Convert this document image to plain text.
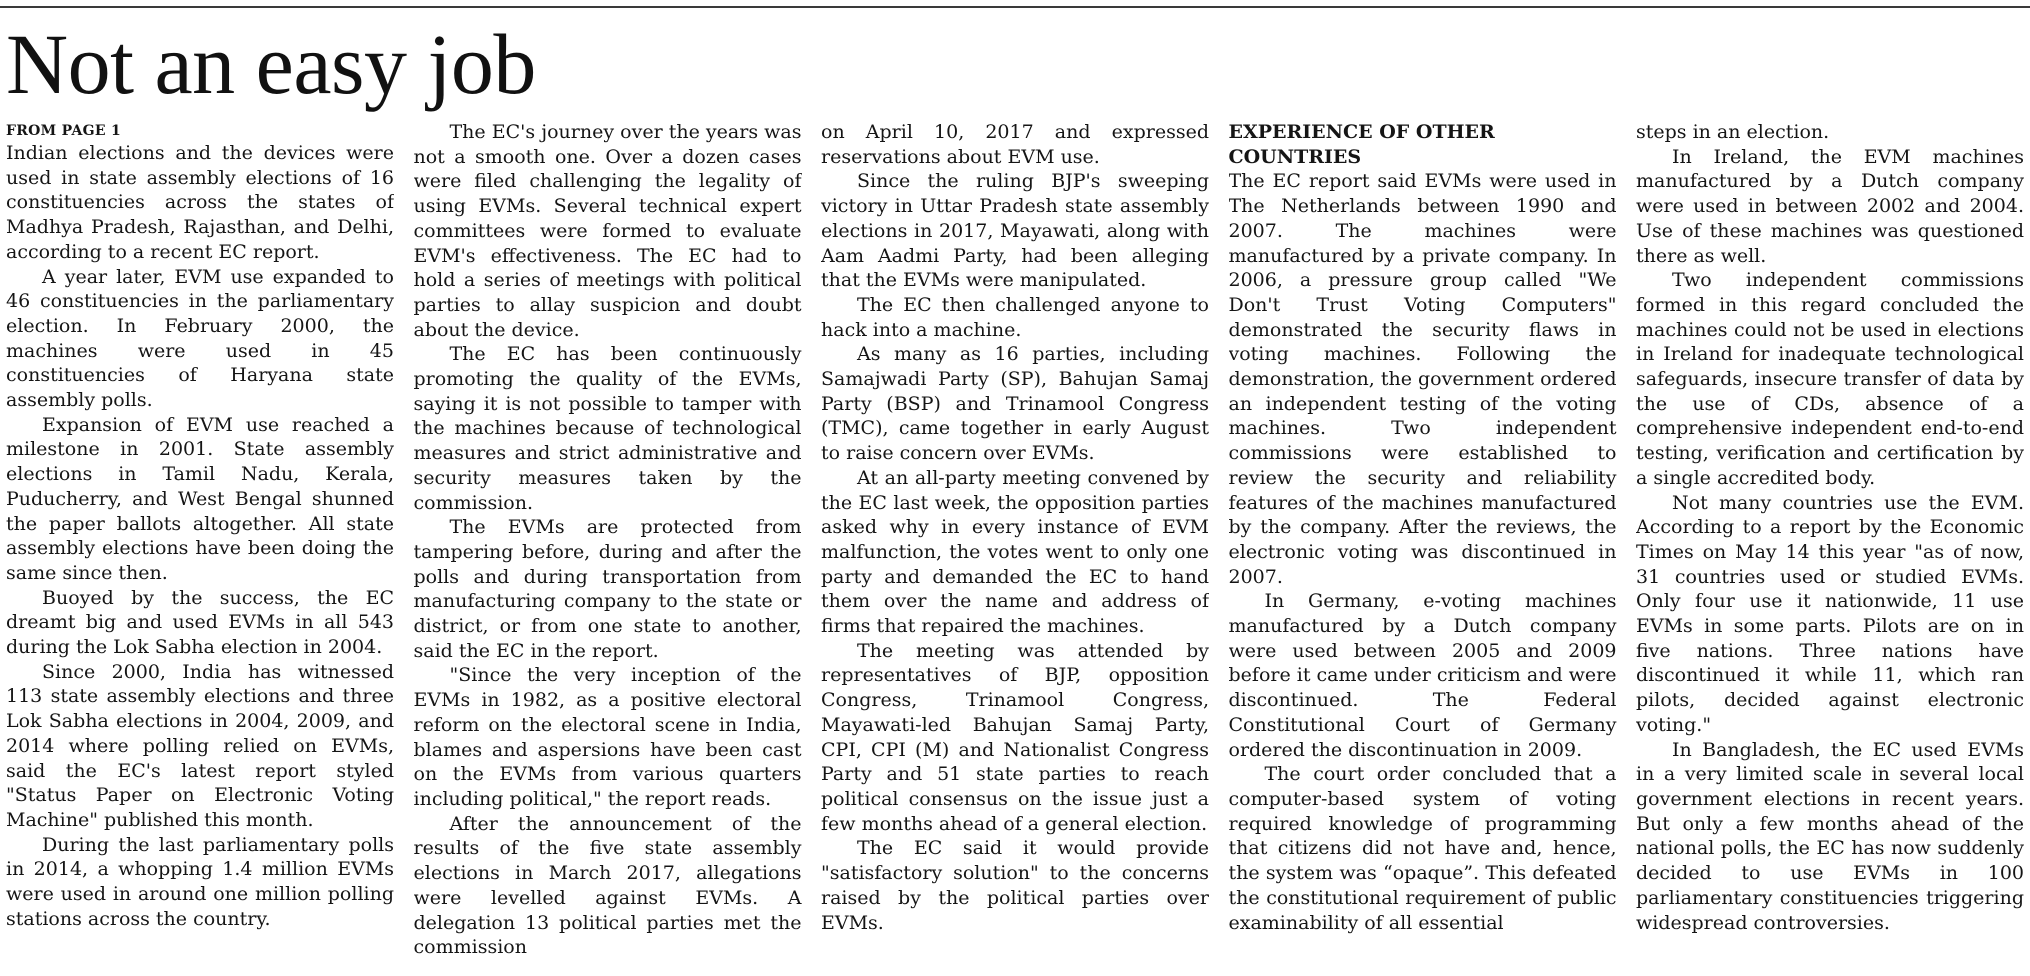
Not an easy job
FROM PAGE 1

Indian elections and the devices were used in state assembly elections of 16 constituencies across the states of Madhya Pradesh, Rajasthan, and Delhi, according to a recent EC report.

A year later, EVM use expanded to 46 constituencies in the parliamentary election. In February 2000, the machines were used in 45 constituencies of Haryana state assembly polls.

Expansion of EVM use reached a milestone in 2001. State assembly elections in Tamil Nadu, Kerala, Puducherry, and West Bengal shunned the paper ballots altogether. All state assembly elections have been doing the same since then.

Buoyed by the success, the EC dreamt big and used EVMs in all 543 during the Lok Sabha election in 2004.

Since 2000, India has witnessed 113 state assembly elections and three Lok Sabha elections in 2004, 2009, and 2014 where polling relied on EVMs, said the EC's latest report styled "Status Paper on Electronic Voting Machine" published this month.

During the last parliamentary polls in 2014, a whopping 1.4 million EVMs were used in around one million polling stations across the country.

The EC's journey over the years was not a smooth one. Over a dozen cases were filed challenging the legality of using EVMs. Several technical expert committees were formed to evaluate EVM's effectiveness. The EC had to hold a series of meetings with political parties to allay suspicion and doubt about the device.

The EC has been continuously promoting the quality of the EVMs, saying it is not possible to tamper with the machines because of technological measures and strict administrative and security measures taken by the commission.

The EVMs are protected from tampering before, during and after the polls and during transportation from manufacturing company to the state or district, or from one state to another, said the EC in the report.

"Since the very inception of the EVMs in 1982, as a positive electoral reform on the electoral scene in India, blames and aspersions have been cast on the EVMs from various quarters including political," the report reads.

After the announcement of the results of the five state assembly elections in March 2017, allegations were levelled against EVMs. A delegation 13 political parties met the commission

on April 10, 2017 and expressed reservations about EVM use.

Since the ruling BJP's sweeping victory in Uttar Pradesh state assembly elections in 2017, Mayawati, along with Aam Aadmi Party, had been alleging that the EVMs were manipulated.

The EC then challenged anyone to hack into a machine.

As many as 16 parties, including Samajwadi Party (SP), Bahujan Samaj Party (BSP) and Trinamool Congress (TMC), came together in early August to raise concern over EVMs.

At an all-party meeting convened by the EC last week, the opposition parties asked why in every instance of EVM malfunction, the votes went to only one party and demanded the EC to hand them over the name and address of firms that repaired the machines.

The meeting was attended by representatives of BJP, opposition Congress, Trinamool Congress, Mayawati-led Bahujan Samaj Party, CPI, CPI (M) and Nationalist Congress Party and 51 state parties to reach political consensus on the issue just a few months ahead of a general election.

The EC said it would provide "satisfactory solution" to the concerns raised by the political parties over EVMs.

EXPERIENCE OF OTHER COUNTRIES

The EC report said EVMs were used in The Netherlands between 1990 and 2007. The machines were manufactured by a private company. In 2006, a pressure group called "We Don't Trust Voting Computers" demonstrated the security flaws in voting machines. Following the demonstration, the government ordered an independent testing of the voting machines. Two independent commissions were established to review the security and reliability features of the machines manufactured by the company. After the reviews, the electronic voting was discontinued in 2007.

In Germany, e-voting machines manufactured by a Dutch company were used between 2005 and 2009 before it came under criticism and were discontinued. The Federal Constitutional Court of Germany ordered the discontinuation in 2009.

The court order concluded that a computer-based system of voting required knowledge of programming that citizens did not have and, hence, the system was “opaque”. This defeated the constitutional requirement of public examinability of all essential

steps in an election.

In Ireland, the EVM machines manufactured by a Dutch company were used in between 2002 and 2004. Use of these machines was questioned there as well.

Two independent commissions formed in this regard concluded the machines could not be used in elections in Ireland for inadequate technological safeguards, insecure transfer of data by the use of CDs, absence of a comprehensive independent end-to-end testing, verification and certification by a single accredited body.

Not many countries use the EVM. According to a report by the Economic Times on May 14 this year "as of now, 31 countries used or studied EVMs. Only four use it nationwide, 11 use EVMs in some parts. Pilots are on in five nations. Three nations have discontinued it while 11, which ran pilots, decided against electronic voting."

In Bangladesh, the EC used EVMs in a very limited scale in several local government elections in recent years. But only a few months ahead of the national polls, the EC has now suddenly decided to use EVMs in 100 parliamentary constituencies triggering widespread controversies.
